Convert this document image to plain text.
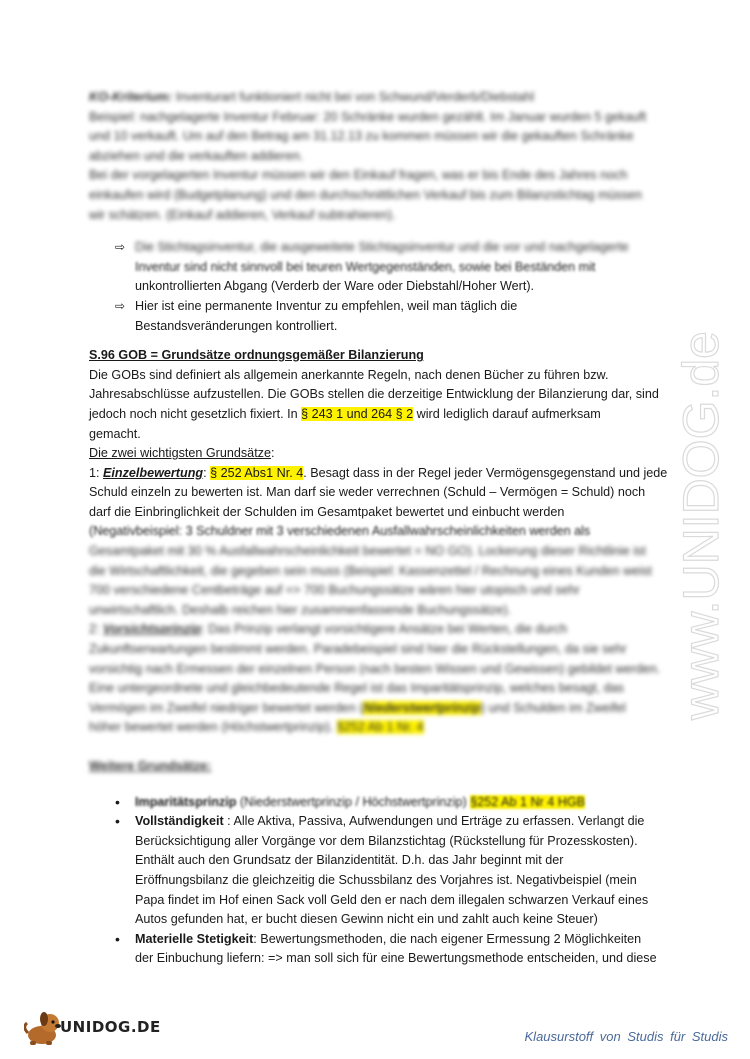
KO-Kriterium: Inventurart funktioniert nicht bei von Schwund/Verderb/Diebstahl

Beispiel: nachgelagerte Inventur Februar: 20 Schränke wurden gezählt. Im Januar wurden 5 gekauft

und 10 verkauft. Um auf den Betrag am 31.12.13 zu kommen müssen wir die gekauften Schränke

abziehen und die verkauften addieren.

Bei der vorgelagerten Inventur müssen wir den Einkauf fragen, was er bis Ende des Jahres noch

einkaufen wird (Budgetplanung) und den durchschnittlichen Verkauf bis zum Bilanzstichtag müssen

wir schätzen. (Einkauf addieren, Verkauf subtrahieren).

⇨ Die Stichtagsinventur, die ausgeweitete Stichtagsinventur und die vor und nachgelagerte
Inventur sind nicht sinnvoll bei teuren Wertgegenständen, sowie bei Beständen mit
unkontrollierten Abgang (Verderb der Ware oder Diebstahl/Hoher Wert).
⇨ Hier ist eine permanente Inventur zu empfehlen, weil man täglich die
Bestandsveränderungen kontrolliert.

S.96 GOB = Grundsätze ordnungsgemäßer Bilanzierung

Die GOBs sind definiert als allgemein anerkannte Regeln, nach denen Bücher zu führen bzw.

Jahresabschlüsse aufzustellen. Die GOBs stellen die derzeitige Entwicklung der Bilanzierung dar, sind

jedoch noch nicht gesetzlich fixiert. In § 243 1 und 264 § 2 wird lediglich darauf aufmerksam

gemacht.

Die zwei wichtigsten Grundsätze:

1: Einzelbewertung: § 252 Abs1 Nr. 4. Besagt dass in der Regel jeder Vermögensgegenstand und jede

Schuld einzeln zu bewerten ist. Man darf sie weder verrechnen (Schuld – Vermögen = Schuld) noch

darf die Einbringlichkeit der Schulden im Gesamtpaket bewertet und einbucht werden

(Negativbeispiel: 3 Schuldner mit 3 verschiedenen Ausfallwahrscheinlichkeiten werden als

Gesamtpaket mit 30 % Ausfallwahrscheinlichkeit bewertet = NO GO). Lockerung dieser Richtlinie ist

die Wirtschaftlichkeit, die gegeben sein muss (Beispiel: Kassenzettel / Rechnung eines Kunden weist

700 verschiedene Centbeträge auf => 700 Buchungssätze wären hier utopisch und sehr

unwirtschaftlich. Deshalb reichen hier zusammenfassende Buchungssätze).

2: Vorsichtsprinzip: Das Prinzip verlangt vorsichtigere Ansätze bei Werten, die durch

Zukunftserwartungen bestimmt werden. Paradebeispiel sind hier die Rückstellungen, da sie sehr

vorsichtig nach Ermessen der einzelnen Person (nach besten Wissen und Gewissen) gebildet werden.

Eine untergeordnete und gleichbedeutende Regel ist das Imparitätsprinzip, welches besagt, das

Vermögen im Zweifel niedriger bewertet werden (Niederstwertprinzip) und Schulden im Zweifel

höher bewertet werden (Höchstwertprinzip). §252 Ab 1 Nr. 4

Weitere Grundsätze:

• Imparitätsprinzip (Niederstwertprinzip / Höchstwertprinzip) §252 Ab 1 Nr 4 HGB
• Vollständigkeit : Alle Aktiva, Passiva, Aufwendungen und Erträge zu erfassen. Verlangt die
Berücksichtigung aller Vorgänge vor dem Bilanzstichtag (Rückstellung für Prozesskosten).
Enthält auch den Grundsatz der Bilanzidentität. D.h. das Jahr beginnt mit der
Eröffnungsbilanz die gleichzeitig die Schussbilanz des Vorjahres ist. Negativbeispiel (mein
Papa findet im Hof einen Sack voll Geld den er nach dem illegalen schwarzen Verkauf eines
Autos gefunden hat, er bucht diesen Gewinn nicht ein und zahlt auch keine Steuer)
• Materielle Stetigkeit: Bewertungsmethoden, die nach eigener Ermessung 2 Möglichkeiten
der Einbuchung liefern: => man soll sich für eine Bewertungsmethode entscheiden, und diese
www.UNIDOG.de
UNIDOG.DE
Klausurstoff von Studis für Studis
